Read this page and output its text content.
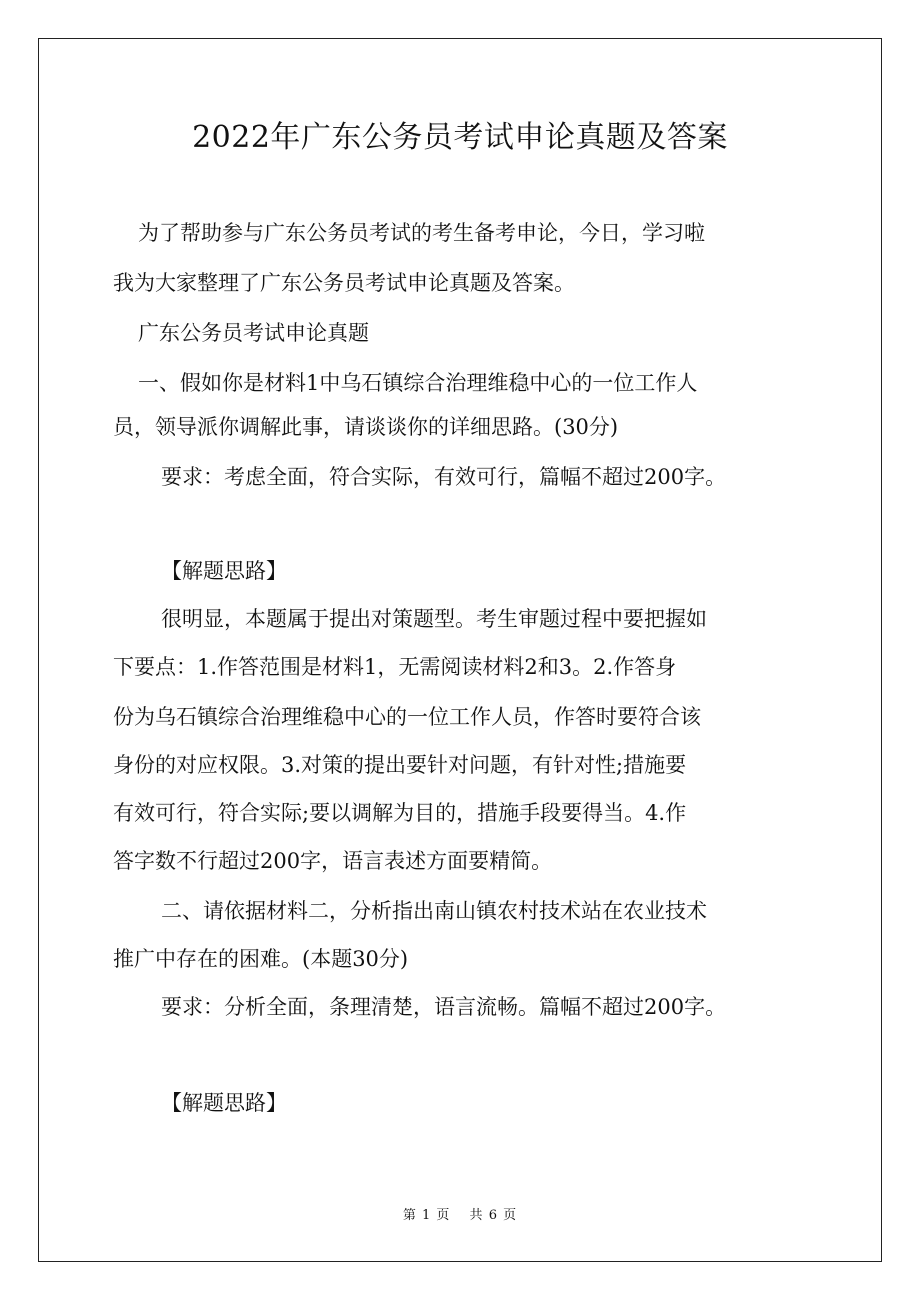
2022年广东公务员考试申论真题及答案

为了帮助参与广东公务员考试的考生备考申论，今日，学习啦

我为大家整理了广东公务员考试申论真题及答案。

广东公务员考试申论真题

一、假如你是材料1中乌石镇综合治理维稳中心的一位工作人

员，领导派你调解此事，请谈谈你的详细思路。(30分)

要求：考虑全面，符合实际，有效可行，篇幅不超过200字。

【解题思路】

很明显，本题属于提出对策题型。考生审题过程中要把握如

下要点：1.作答范围是材料1，无需阅读材料2和3。2.作答身

份为乌石镇综合治理维稳中心的一位工作人员，作答时要符合该

身份的对应权限。3.对策的提出要针对问题，有针对性;措施要

有效可行，符合实际;要以调解为目的，措施手段要得当。4.作

答字数不行超过200字，语言表述方面要精简。

二、请依据材料二，分析指出南山镇农村技术站在农业技术

推广中存在的困难。(本题30分)

要求：分析全面，条理清楚，语言流畅。篇幅不超过200字。

【解题思路】

第 1 页　 共 6 页
